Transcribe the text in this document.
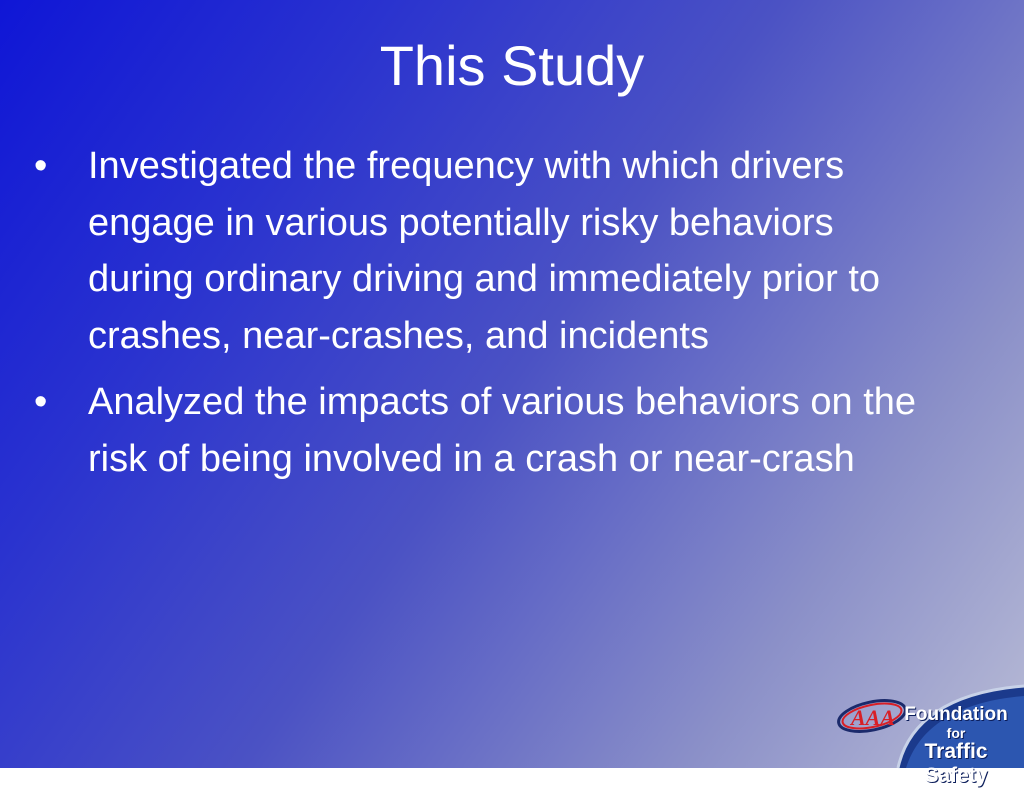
This Study
• Investigated the frequency with which drivers engage in various potentially risky behaviors during ordinary driving and immediately prior to crashes, near-crashes, and incidents
• Analyzed the impacts of various behaviors on the risk of being involved in a crash or near-crash
AAA Foundation
for
Traffic Safety
